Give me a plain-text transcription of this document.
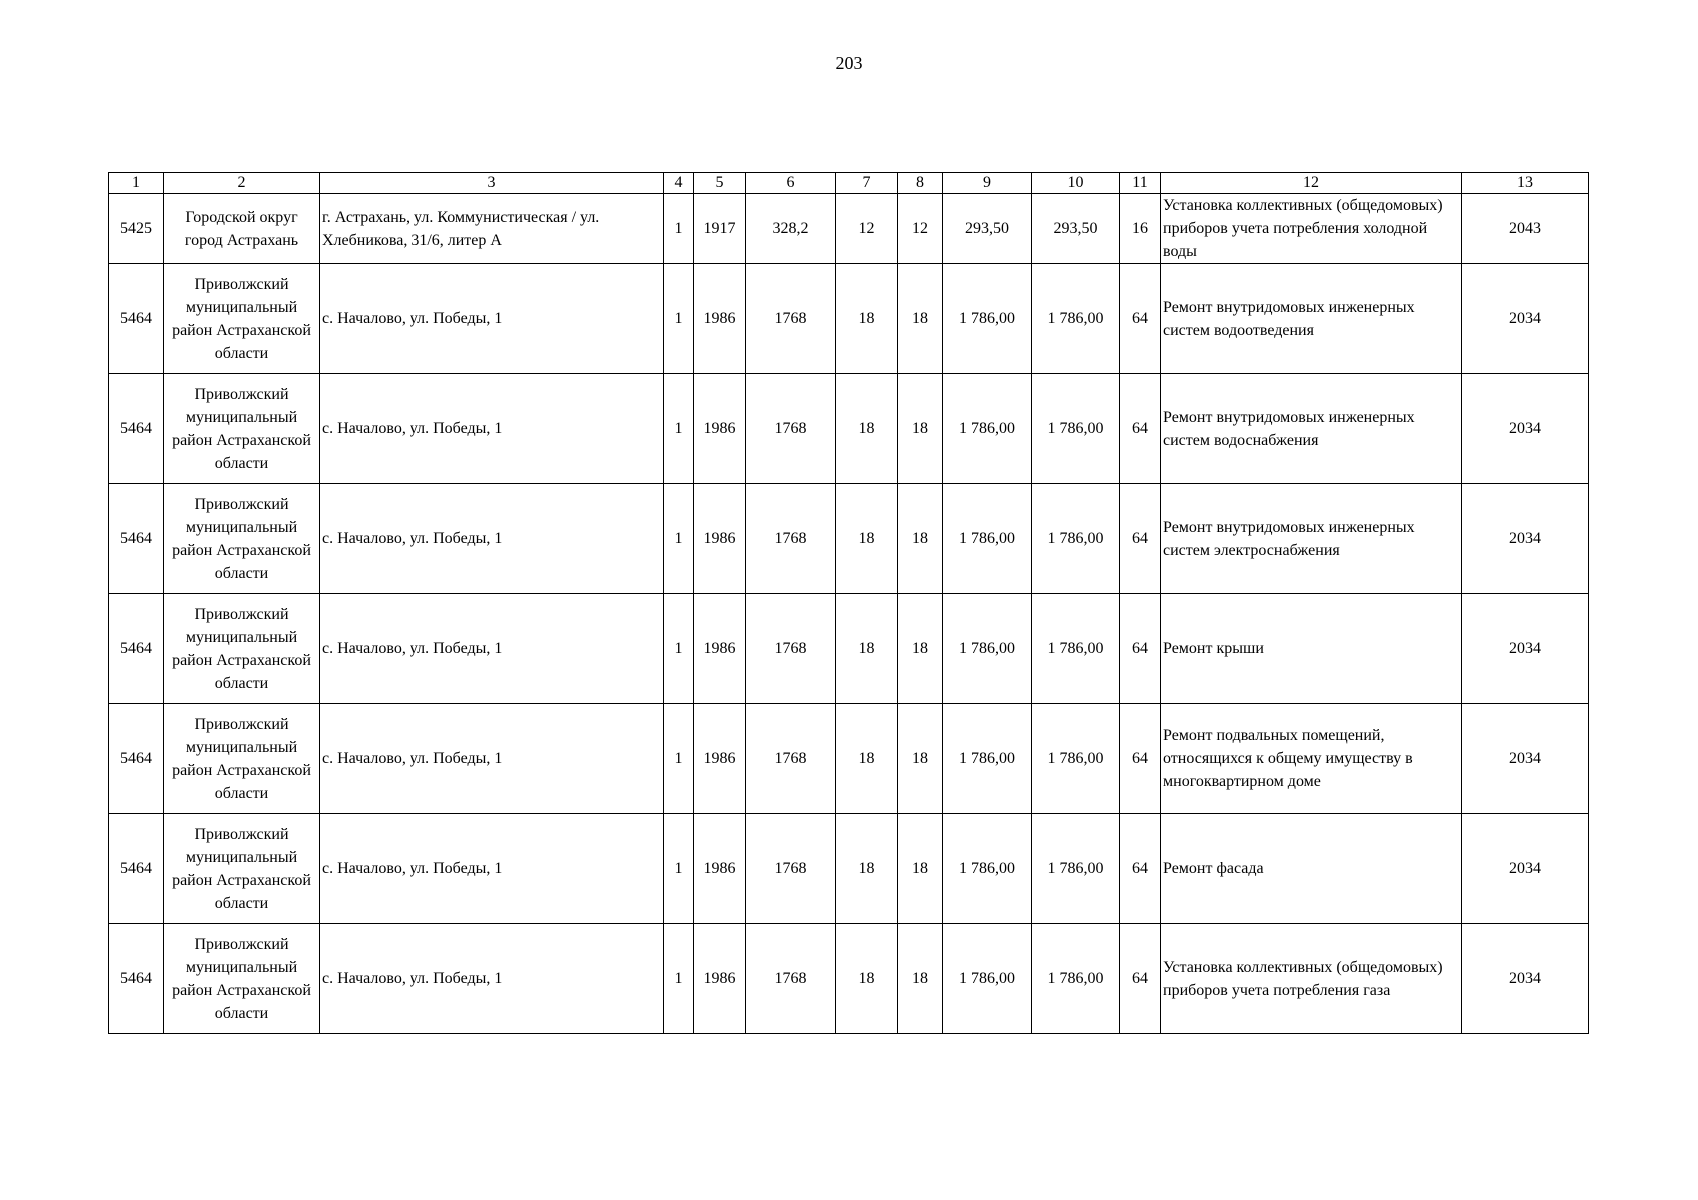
203
1	2	3	4	5	6	7	8	9	10	11	12	13
5425	Городской округ город Астрахань	г. Астрахань, ул. Коммунистическая / ул. Хлебникова, 31/6, литер А	1	1917	328,2	12	12	293,50	293,50	16	Установка коллективных (общедомовых) приборов учета потребления холодной воды	2043
5464	Приволжский муниципальный район Астраханской области	с. Началово, ул. Победы, 1	1	1986	1768	18	18	1 786,00	1 786,00	64	Ремонт внутридомовых инженерных систем водоотведения	2034
5464	Приволжский муниципальный район Астраханской области	с. Началово, ул. Победы, 1	1	1986	1768	18	18	1 786,00	1 786,00	64	Ремонт внутридомовых инженерных систем водоснабжения	2034
5464	Приволжский муниципальный район Астраханской области	с. Началово, ул. Победы, 1	1	1986	1768	18	18	1 786,00	1 786,00	64	Ремонт внутридомовых инженерных систем электроснабжения	2034
5464	Приволжский муниципальный район Астраханской области	с. Началово, ул. Победы, 1	1	1986	1768	18	18	1 786,00	1 786,00	64	Ремонт крыши	2034
5464	Приволжский муниципальный район Астраханской области	с. Началово, ул. Победы, 1	1	1986	1768	18	18	1 786,00	1 786,00	64	Ремонт подвальных помещений, относящихся к общему имуществу в многоквартирном доме	2034
5464	Приволжский муниципальный район Астраханской области	с. Началово, ул. Победы, 1	1	1986	1768	18	18	1 786,00	1 786,00	64	Ремонт фасада	2034
5464	Приволжский муниципальный район Астраханской области	с. Началово, ул. Победы, 1	1	1986	1768	18	18	1 786,00	1 786,00	64	Установка коллективных (общедомовых) приборов учета потребления газа	2034
